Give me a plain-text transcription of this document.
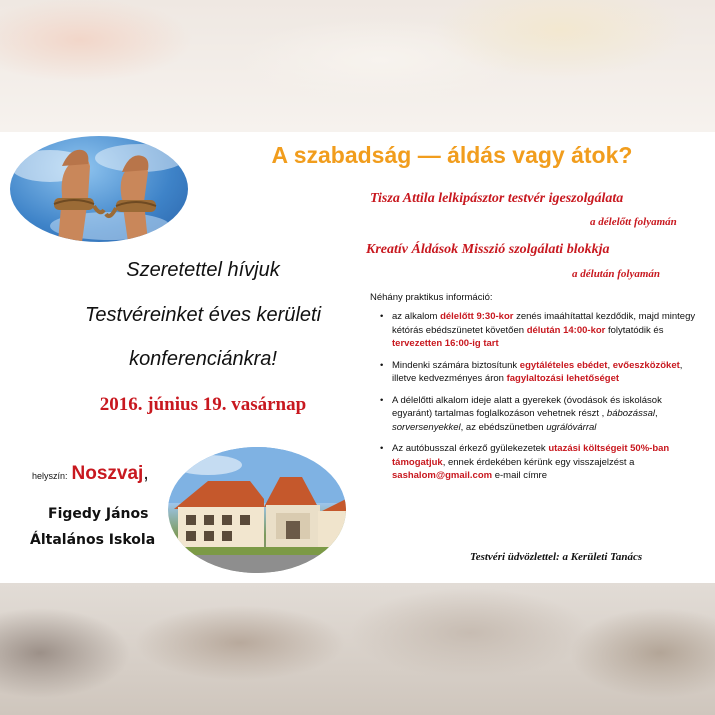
A szabadság — áldás vagy átok?
Tisza Attila lelkipásztor testvér igeszolgálata
a délelőtt folyamán
Kreatív Áldások Misszió szolgálati blokkja
a délután folyamán
Szeretettel hívjuk
Testvéreinket éves kerületi
konferenciánkra!
2016. június 19. vasárnap
helyszín: Noszvaj,
Figedy János
Általános Iskola
Néhány praktikus információ:
• az alkalom délelőtt 9:30-kor zenés imaáhítattal kezdődik, majd mintegy kétórás ebédszünetet követően délután 14:00-kor folytatódik és tervezetten 16:00-ig tart
• Mindenki számára biztosítunk egytálételes ebédet, evőeszközöket, illetve kedvezményes áron fagylaltozási lehetőséget
• A délelőtti alkalom ideje alatt a gyerekek (óvodások és iskolások egyaránt) tartalmas foglalkozáson vehetnek részt , bábozással, sorversenyekkel, az ebédszünetben ugrálóvárral
• Az autóbusszal érkező gyülekezetek utazási költségeit 50%-ban támogatjuk, ennek érdekében kérünk egy visszajelzést a sashalom@gmail.com e-mail címre
Testvéri üdvözlettel: a Kerületi Tanács
